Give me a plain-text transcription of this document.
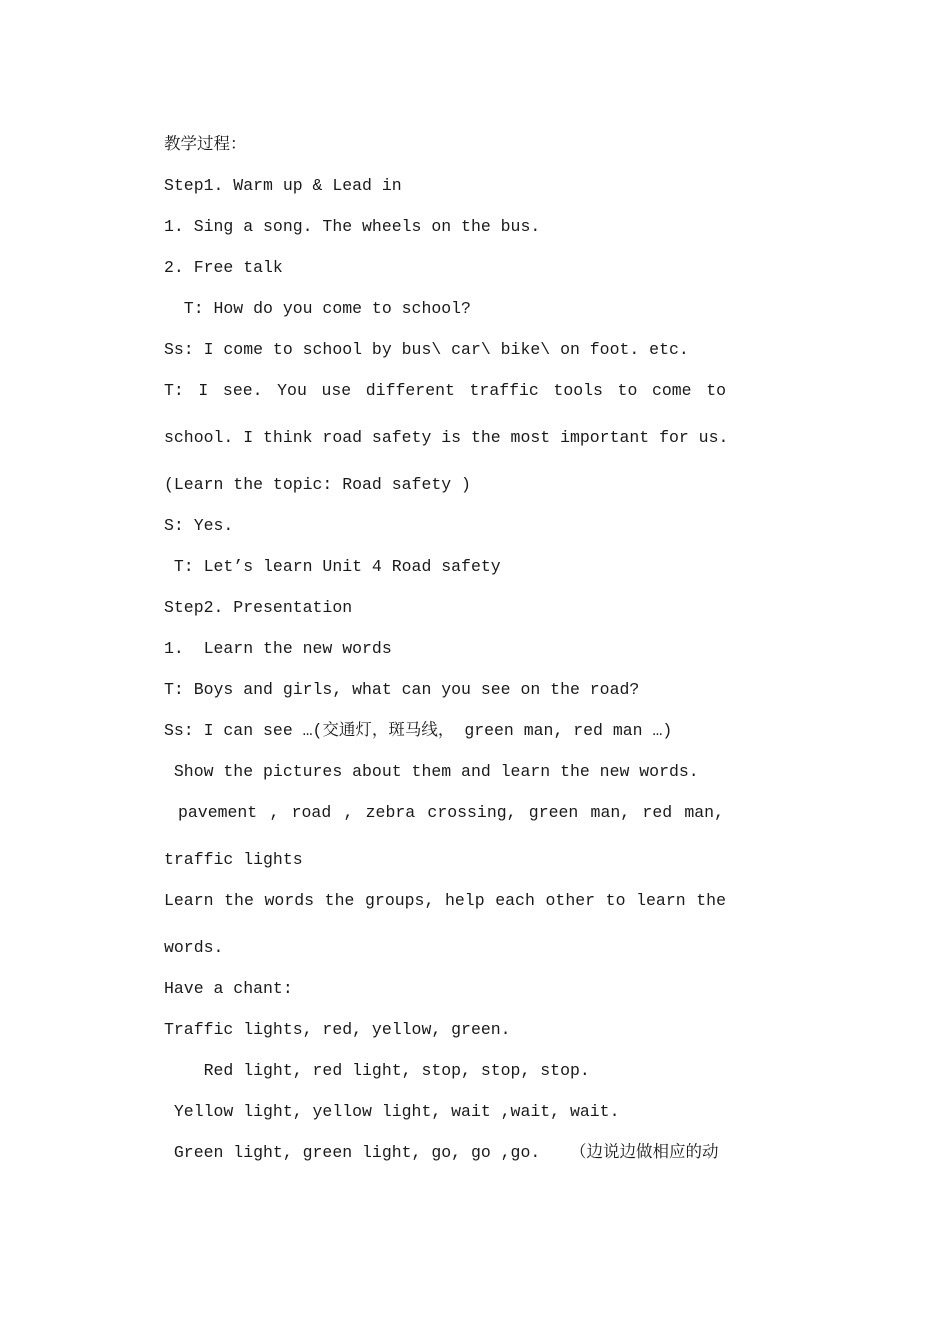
教学过程：
Step1. Warm up & Lead in
1. Sing a song. The wheels on the bus.
2. Free talk
T: How do you come to school?
Ss: I come to school by bus\ car\ bike\ on foot. etc.
T: I see. You use different traffic tools to come to
school. I think road safety is the most important for us.
(Learn the topic: Road safety )
S: Yes.
T: Let’s learn Unit 4 Road safety
Step2. Presentation
1.  Learn the new words
T: Boys and girls, what can you see on the road?
Ss: I can see …(交通灯，斑马线， green man, red man …)
Show the pictures about them and learn the new words.
pavement , road , zebra crossing, green man, red man,
traffic lights
Learn the words the groups, help each other to learn the
words.
Have a chant:
Traffic lights, red, yellow, green.
Red light, red light, stop, stop, stop.
Yellow light, yellow light, wait ,wait, wait.
Green light, green light, go, go ,go.   （边说边做相应的动
